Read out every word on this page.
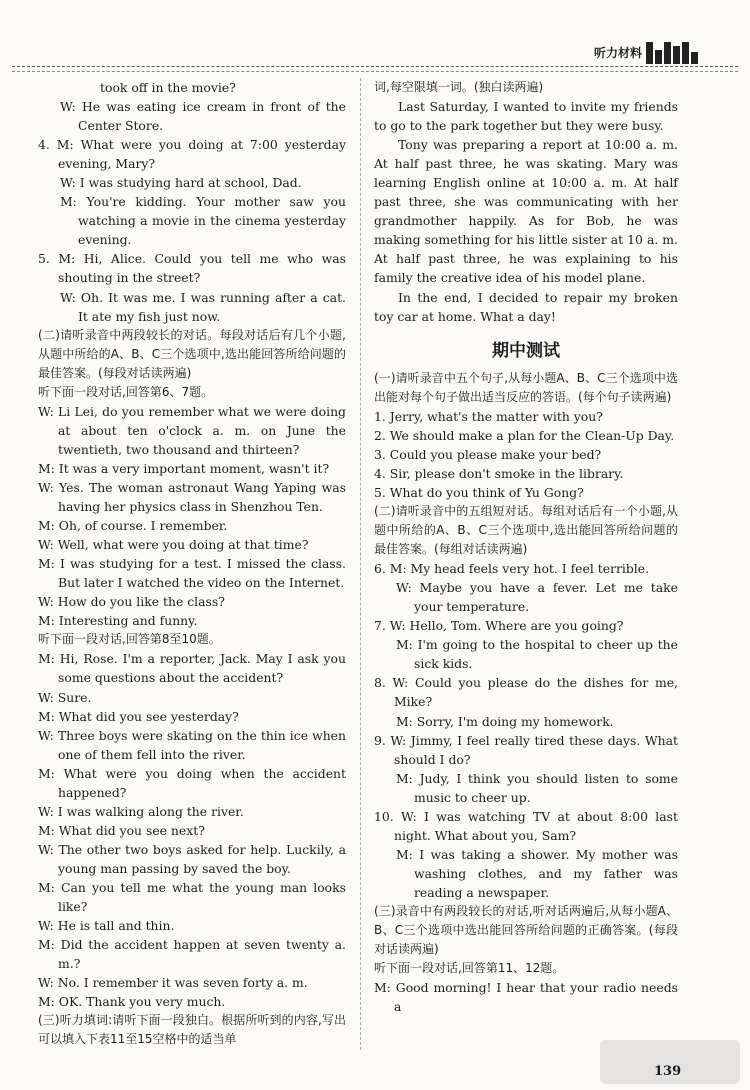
听力材料

took off in the movie?

W: He was eating ice cream in front of the Center Store.

4. M: What were you doing at 7:00 yesterday evening, Mary?

W: I was studying hard at school, Dad.

M: You're kidding. Your mother saw you watching a movie in the cinema yesterday evening.

5. M: Hi, Alice. Could you tell me who was shouting in the street?

W: Oh. It was me. I was running after a cat. It ate my fish just now.

(二)请听录音中两段较长的对话。每段对话后有几个小题,从题中所给的A、B、C三个选项中,选出能回答所给问题的最佳答案。(每段对话读两遍)

听下面一段对话,回答第6、7题。

W: Li Lei, do you remember what we were doing at about ten o'clock a. m. on June the twentieth, two thousand and thirteen?

M: It was a very important moment, wasn't it?

W: Yes. The woman astronaut Wang Yaping was having her physics class in Shenzhou Ten.

M: Oh, of course. I remember.

W: Well, what were you doing at that time?

M: I was studying for a test. I missed the class. But later I watched the video on the Internet.

W: How do you like the class?

M: Interesting and funny.

听下面一段对话,回答第8至10题。

M: Hi, Rose. I'm a reporter, Jack. May I ask you some questions about the accident?

W: Sure.

M: What did you see yesterday?

W: Three boys were skating on the thin ice when one of them fell into the river.

M: What were you doing when the accident happened?

W: I was walking along the river.

M: What did you see next?

W: The other two boys asked for help. Luckily, a young man passing by saved the boy.

M: Can you tell me what the young man looks like?

W: He is tall and thin.

M: Did the accident happen at seven twenty a. m.?

W: No. I remember it was seven forty a. m.

M: OK. Thank you very much.

(三)听力填词:请听下面一段独白。根据所听到的内容,写出可以填入下表11至15空格中的适当单

词,每空限填一词。(独白读两遍)

Last Saturday, I wanted to invite my friends to go to the park together but they were busy.

Tony was preparing a report at 10:00 a. m. At half past three, he was skating. Mary was learning English online at 10:00 a. m. At half past three, she was communicating with her grandmother happily. As for Bob, he was making something for his little sister at 10 a. m. At half past three, he was explaining to his family the creative idea of his model plane.

In the end, I decided to repair my broken toy car at home. What a day!

期中测试

(一)请听录音中五个句子,从每小题A、B、C三个选项中选出能对每个句子做出适当反应的答语。(每个句子读两遍)

1. Jerry, what's the matter with you?

2. We should make a plan for the Clean-Up Day.

3. Could you please make your bed?

4. Sir, please don't smoke in the library.

5. What do you think of Yu Gong?

(二)请听录音中的五组短对话。每组对话后有一个小题,从题中所给的A、B、C三个选项中,选出能回答所给问题的最佳答案。(每组对话读两遍)

6. M: My head feels very hot. I feel terrible.

W: Maybe you have a fever. Let me take your temperature.

7. W: Hello, Tom. Where are you going?

M: I'm going to the hospital to cheer up the sick kids.

8. W: Could you please do the dishes for me, Mike?

M: Sorry, I'm doing my homework.

9. W: Jimmy, I feel really tired these days. What should I do?

M: Judy, I think you should listen to some music to cheer up.

10. W: I was watching TV at about 8:00 last night. What about you, Sam?

M: I was taking a shower. My mother was washing clothes, and my father was reading a newspaper.

(三)录音中有两段较长的对话,听对话两遍后,从每小题A、B、C三个选项中选出能回答所给问题的正确答案。(每段对话读两遍)

听下面一段对话,回答第11、12题。

M: Good morning! I hear that your radio needs a

139
